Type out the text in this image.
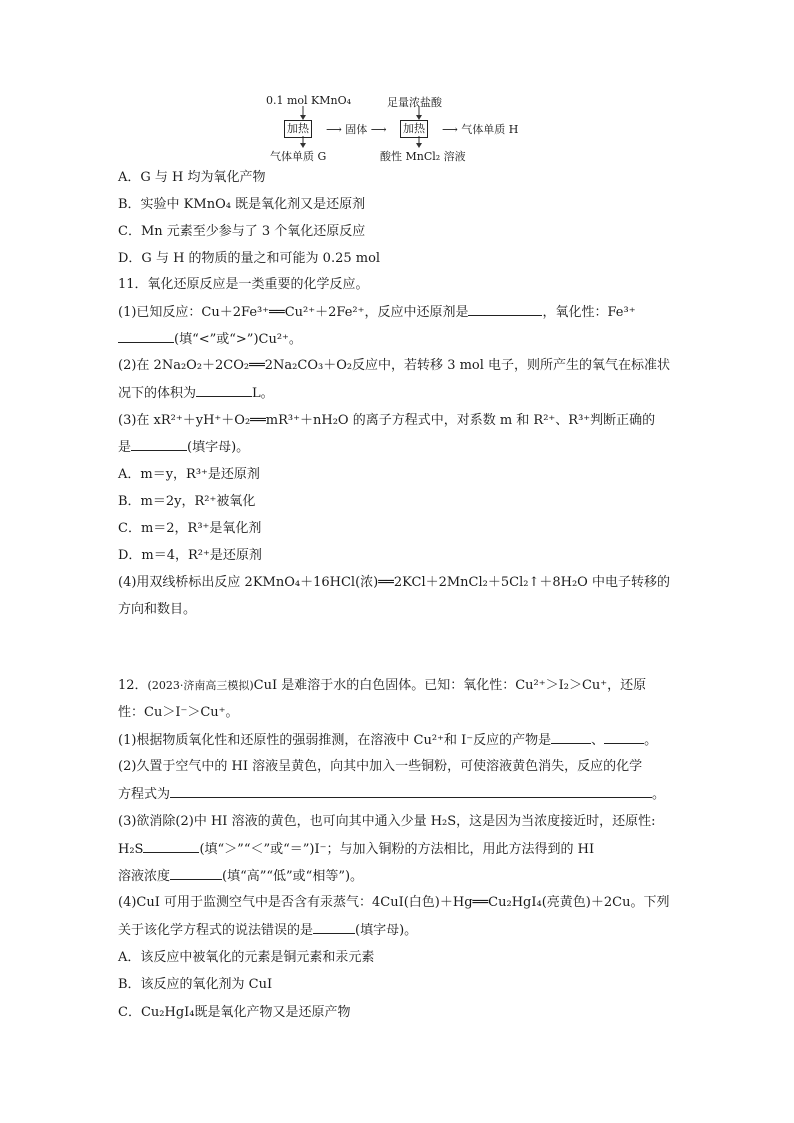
0.1 mol KMnO₄
加热 ⟶ 固体 ⟶
足量浓盐酸
加热 ⟶ 气体单质 H
气体单质 G	酸性 MnCl₂ 溶液
A．G 与 H 均为氧化产物
B．实验中 KMnO₄ 既是氧化剂又是还原剂
C．Mn 元素至少参与了 3 个氧化还原反应
D．G 与 H 的物质的量之和可能为 0.25 mol
11．氧化还原反应是一类重要的化学反应。
(1)已知反应：Cu＋2Fe³⁺══Cu²⁺＋2Fe²⁺，反应中还原剂是	，氧化性：Fe³⁺
(填“<”或“>”)Cu²⁺。
(2)在 2Na₂O₂＋2CO₂══2Na₂CO₃＋O₂反应中，若转移 3 mol 电子，则所产生的氧气在标准状
况下的体积为	L。
(3)在 xR²⁺＋yH⁺＋O₂══mR³⁺＋nH₂O 的离子方程式中，对系数 m 和 R²⁺、R³⁺判断正确的
是	(填字母)。
A．m＝y，R³⁺是还原剂
B．m＝2y，R²⁺被氧化
C．m＝2，R³⁺是氧化剂
D．m＝4，R²⁺是还原剂
(4)用双线桥标出反应 2KMnO₄＋16HCl(浓)══2KCl＋2MnCl₂＋5Cl₂↑＋8H₂O 中电子转移的
方向和数目。
12．(2023·济南高三模拟)CuI 是难溶于水的白色固体。已知：氧化性：Cu²⁺＞I₂＞Cu⁺，还原
性：Cu＞I⁻＞Cu⁺。
(1)根据物质氧化性和还原性的强弱推测，在溶液中 Cu²⁺和 I⁻反应的产物是	、	。
(2)久置于空气中的 HI 溶液呈黄色，向其中加入一些铜粉，可使溶液黄色消失，反应的化学
方程式为	。
(3)欲消除(2)中 HI 溶液的黄色，也可向其中通入少量 H₂S，这是因为当浓度接近时，还原性:
H₂S	(填“＞”“＜”或“＝”)I⁻；与加入铜粉的方法相比，用此方法得到的 HI
溶液浓度	(填“高”“低”或“相等”)。
(4)CuI 可用于监测空气中是否含有汞蒸气：4CuI(白色)＋Hg══Cu₂HgI₄(亮黄色)＋2Cu。下列
关于该化学方程式的说法错误的是	(填字母)。
A．该反应中被氧化的元素是铜元素和汞元素
B．该反应的氧化剂为 CuI
C．Cu₂HgI₄既是氧化产物又是还原产物
